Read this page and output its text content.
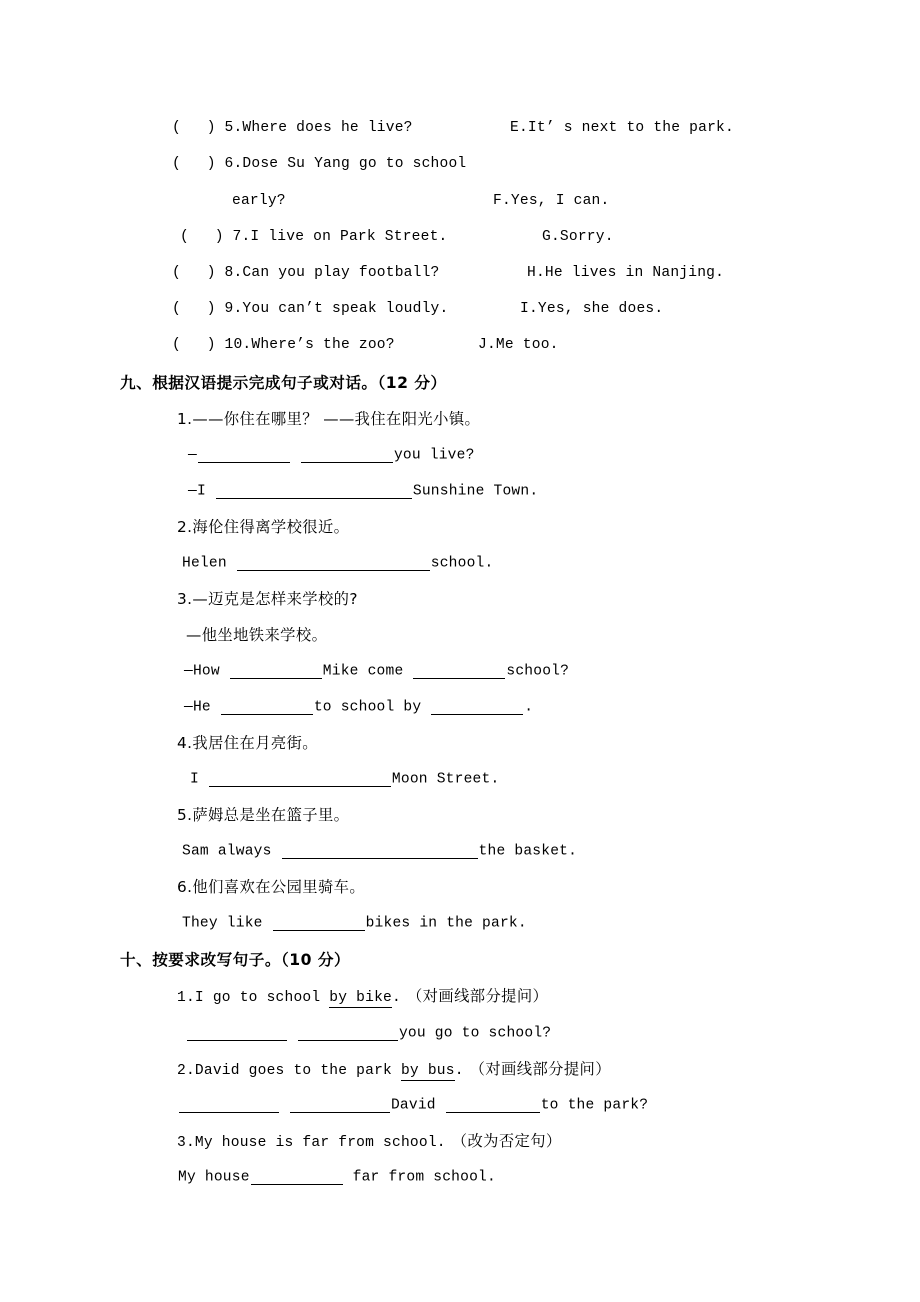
( ) 5.Where does he live?	E.It’ s next to the park.
( ) 6.Dose Su Yang go to school
early?	F.Yes, I can.
( ) 7.I live on Park Street.	G.Sorry.
( ) 8.Can you play football?	H.He lives in Nanjing.
( ) 9.You can’t speak loudly.	I.Yes, she does.
( ) 10.Where’s the zoo?	J.Me too.
九、根据汉语提示完成句子或对话。（12 分）
1.——你住在哪里？ ——我住在阳光小镇。
—	you live?
—I	Sunshine Town.
2.海伦住得离学校很近。
Helen	school.
3.—迈克是怎样来学校的?
—他坐地铁来学校。
—How	Mike come	school?
—He	to school by	.
4.我居住在月亮街。
I	Moon Street.
5.萨姆总是坐在篮子里。
Sam always	the basket.
6.他们喜欢在公园里骑车。
They like	bikes in the park.
十、按要求改写句子。（10 分）
1.I go to school by bike. （对画线部分提问）
you go to school?
2.David goes to the park by bus. （对画线部分提问）
David	to the park?
3.My house is far from school. （改为否定句）
My house	far from school.
